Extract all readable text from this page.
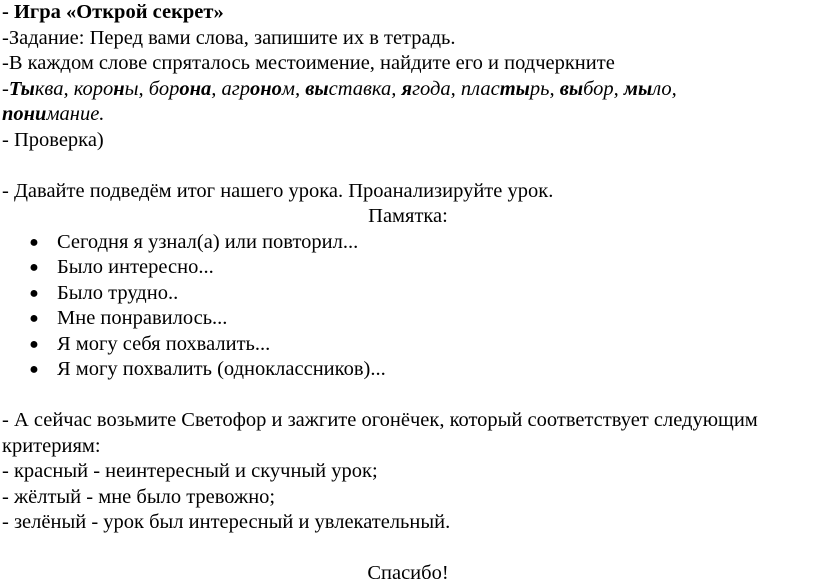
- Игра «Открой секрет»
-Задание: Перед вами слова, запишите их в тетрадь.
-В каждом слове спряталось местоимение, найдите его и подчеркните
-Тыква, короны, борона, агроном, выставка, ягода, пластырь, выбор, мыло,
понимание.
- Проверка)
- Давайте подведём итог нашего урока. Проанализируйте урок.
Памятка:
● Сегодня я узнал(а) или повторил...
● Было интересно...
● Было трудно..
● Мне понравилось...
● Я могу себя похвалить...
● Я могу похвалить (одноклассников)...
- А сейчас возьмите Светофор и зажгите огонёчек, который соответствует следующим
критериям:
- красный - неинтересный и скучный урок;
- жёлтый - мне было тревожно;
- зелёный - урок был интересный и увлекательный.
Спасибо!
